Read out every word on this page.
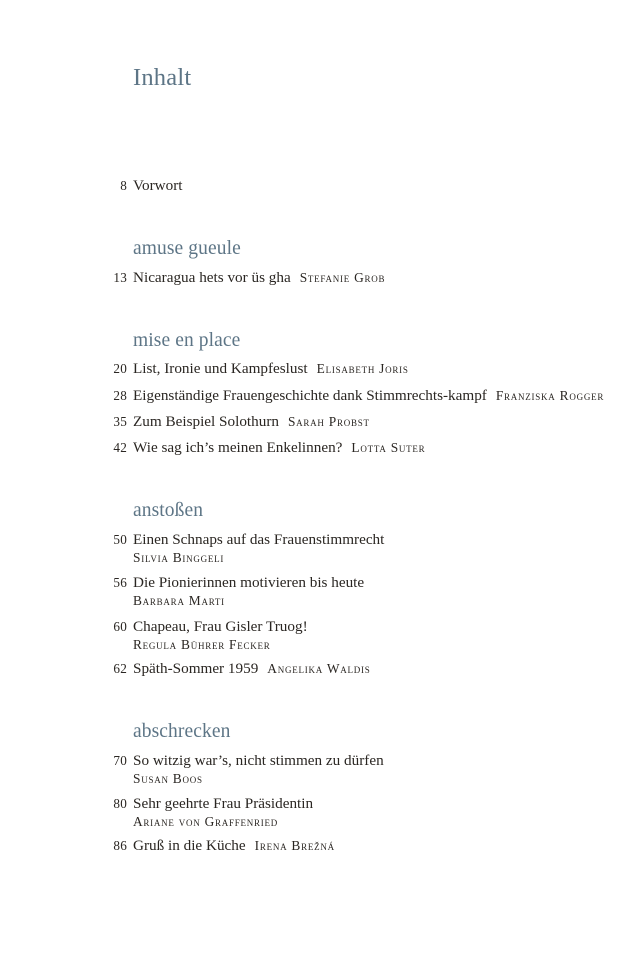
Inhalt
8 Vorwort
amuse gueule
13 Nicaragua hets vor üs gha Stefanie Grob
mise en place
20 List, Ironie und Kampfeslust Elisabeth Joris
28 Eigenständige Frauengeschichte dank Stimmrechts-kampf Franziska Rogger
35 Zum Beispiel Solothurn Sarah Probst
42 Wie sag ich’s meinen Enkelinnen? Lotta Suter
anstoßen
50 Einen Schnaps auf das Frauenstimmrecht
Silvia Binggeli
56 Die Pionierinnen motivieren bis heute
Barbara Marti
60 Chapeau, Frau Gisler Truog!
Regula Bührer Fecker
62 Späth-Sommer 1959 Angelika Waldis
abschrecken
70 So witzig war’s, nicht stimmen zu dürfen
Susan Boos
80 Sehr geehrte Frau Präsidentin
Ariane von Graffenried
86 Gruß in die Küche Irena Brežná
